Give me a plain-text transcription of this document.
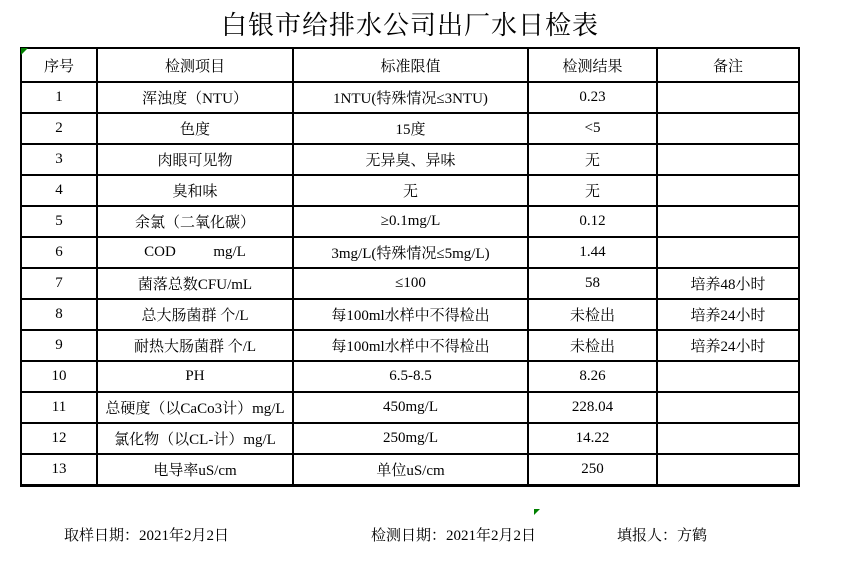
白银市给排水公司出厂水日检表
序号	检测项目	标准限值	检测结果	备注
1	浑浊度（NTU）	1NTU(特殊情况≤3NTU)	0.23	
2	色度	15度	<5	
3	肉眼可见物	无异臭、异味	无	
4	臭和味	无	无	
5	余氯（二氧化碳）	≥0.1mg/L	0.12	
6	COD          mg/L	3mg/L(特殊情况≤5mg/L)	1.44	
7	菌落总数CFU/mL	≤100	58	培养48小时
8	总大肠菌群 个/L	每100ml水样中不得检出	未检出	培养24小时
9	耐热大肠菌群 个/L	每100ml水样中不得检出	未检出	培养24小时
10	PH	6.5-8.5	8.26	
11	总硬度（以CaCo3计）mg/L	450mg/L	228.04	
12	氯化物（以CL-计）mg/L	250mg/L	14.22	
13	电导率uS/cm	单位uS/cm	250	
取样日期：2021年2月2日	检测日期：2021年2月2日	填报人：方鹤
